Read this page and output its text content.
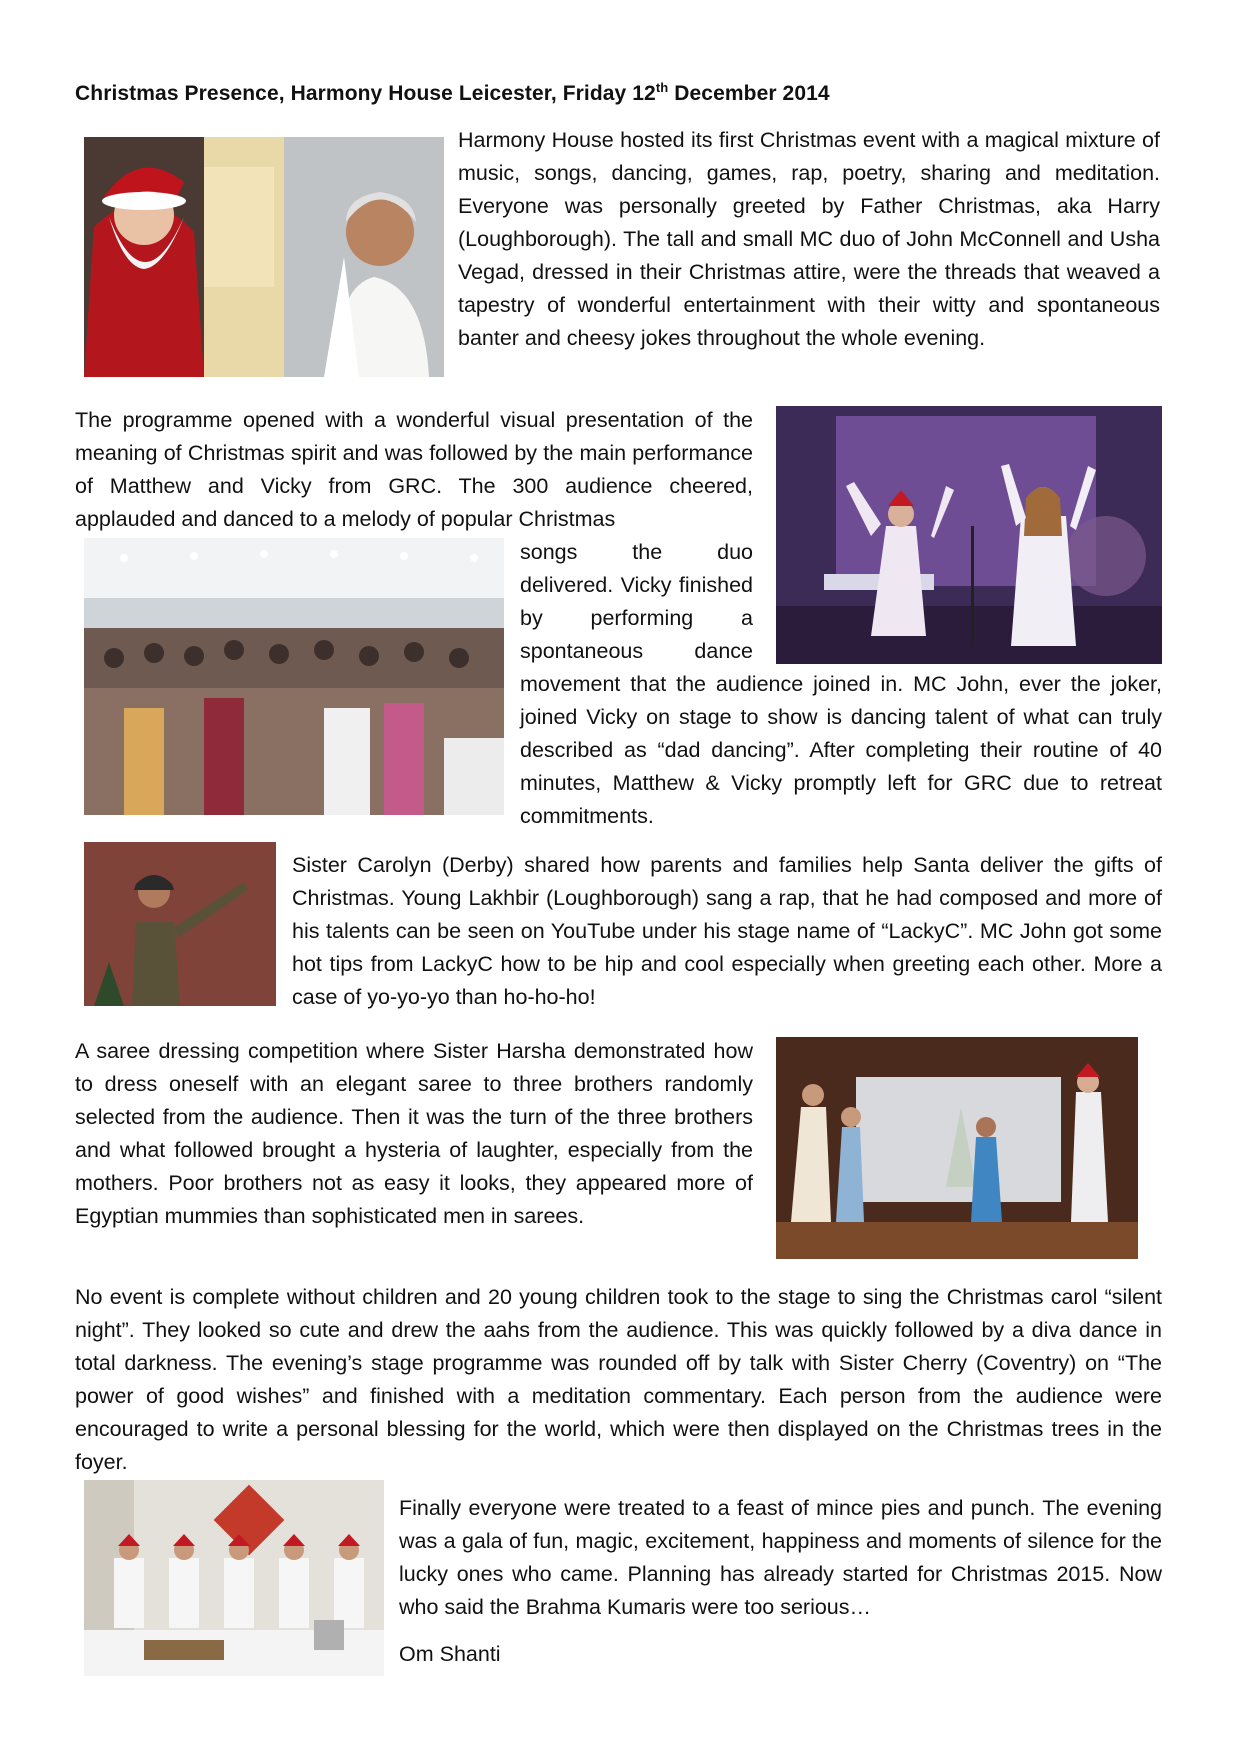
Christmas Presence, Harmony House Leicester, Friday 12th December 2014

Harmony House hosted its first Christmas event with a magical mixture of music, songs, dancing, games, rap, poetry, sharing and meditation. Everyone was personally greeted by Father Christmas, aka Harry (Loughborough). The tall and small MC duo of John McConnell and Usha Vegad, dressed in their Christmas attire, were the threads that weaved a tapestry of wonderful entertainment with their witty and spontaneous banter and cheesy jokes throughout the whole evening.

The programme opened with a wonderful visual presentation of the meaning of Christmas spirit and was followed by the main performance of Matthew and Vicky from GRC. The 300 audience cheered, applauded and danced to a melody of popular Christmas

songs the duo delivered. Vicky finished by performing a spontaneous dance

movement that the audience joined in. MC John, ever the joker, joined Vicky on stage to show is dancing talent of what can truly described as “dad dancing”. After completing their routine of 40 minutes, Matthew & Vicky promptly left for GRC due to retreat commitments.

Sister Carolyn (Derby) shared how parents and families help Santa deliver the gifts of Christmas. Young Lakhbir (Loughborough) sang a rap, that he had composed and more of his talents can be seen on YouTube under his stage name of “LackyC”. MC John got some hot tips from LackyC how to be hip and cool especially when greeting each other. More a case of yo-yo-yo than ho-ho-ho!

A saree dressing competition where Sister Harsha demonstrated how to dress oneself with an elegant saree to three brothers randomly selected from the audience. Then it was the turn of the three brothers and what followed brought a hysteria of laughter, especially from the mothers. Poor brothers not as easy it looks, they appeared more of Egyptian mummies than sophisticated men in sarees.

No event is complete without children and 20 young children took to the stage to sing the Christmas carol “silent night”. They looked so cute and drew the aahs from the audience. This was quickly followed by a diva dance in total darkness. The evening’s stage programme was rounded off by talk with Sister Cherry (Coventry) on “The power of good wishes” and finished with a meditation commentary. Each person from the audience were encouraged to write a personal blessing for the world, which were then displayed on the Christmas trees in the foyer.

Finally everyone were treated to a feast of mince pies and punch. The evening was a gala of fun, magic, excitement, happiness and moments of silence for the lucky ones who came. Planning has already started for Christmas 2015. Now who said the Brahma Kumaris were too serious…

Om Shanti
